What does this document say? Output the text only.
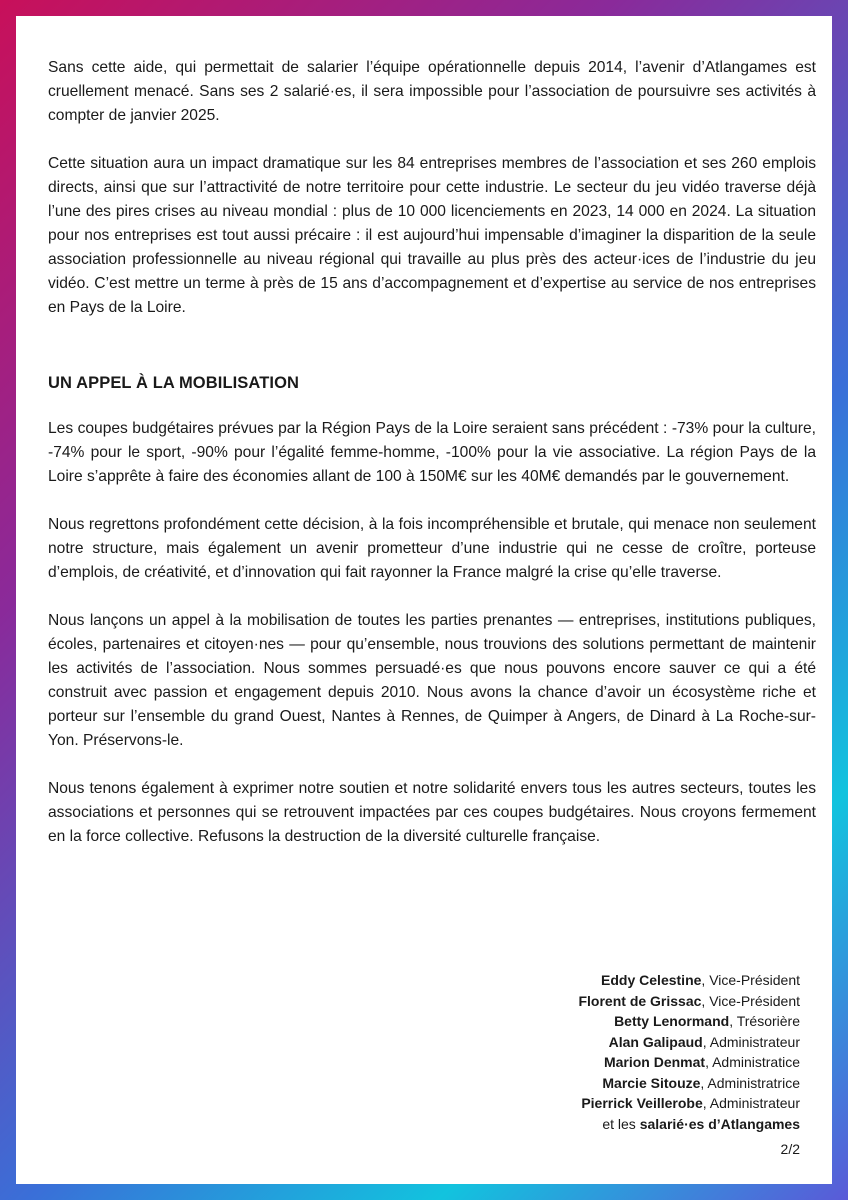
Sans cette aide, qui permettait de salarier l’équipe opérationnelle depuis 2014, l’avenir d’Atlangames est cruellement menacé. Sans ses 2 salarié·es, il sera impossible pour l’association de poursuivre ses activités à compter de janvier 2025.

Cette situation aura un impact dramatique sur les 84 entreprises membres de l’association et ses 260 emplois directs, ainsi que sur l’attractivité de notre territoire pour cette industrie. Le secteur du jeu vidéo traverse déjà l’une des pires crises au niveau mondial : plus de 10 000 licenciements en 2023, 14 000 en 2024. La situation pour nos entreprises est tout aussi précaire : il est aujourd’hui impensable d’imaginer la disparition de la seule association professionnelle au niveau régional qui travaille au plus près des acteur·ices de l’industrie du jeu vidéo. C’est mettre un terme à près de 15 ans d’accompagnement et d’expertise au service de nos entreprises en Pays de la Loire.

UN APPEL À LA MOBILISATION

Les coupes budgétaires prévues par la Région Pays de la Loire seraient sans précédent : -73% pour la culture, -74% pour le sport, -90% pour l’égalité femme-homme, -100% pour la vie associative. La région Pays de la Loire s’apprête à faire des économies allant de 100 à 150M€ sur les 40M€ demandés par le gouvernement.

Nous regrettons profondément cette décision, à la fois incompréhensible et brutale, qui menace non seulement notre structure, mais également un avenir prometteur d’une industrie qui ne cesse de croître, porteuse d’emplois, de créativité, et d’innovation qui fait rayonner la France malgré la crise qu’elle traverse.

Nous lançons un appel à la mobilisation de toutes les parties prenantes — entreprises, institutions publiques, écoles, partenaires et citoyen·nes — pour qu’ensemble, nous trouvions des solutions permettant de maintenir les activités de l’association. Nous sommes persuadé·es que nous pouvons encore sauver ce qui a été construit avec passion et engagement depuis 2010. Nous avons la chance d’avoir un écosystème riche et porteur sur l’ensemble du grand Ouest, Nantes à Rennes, de Quimper à Angers, de Dinard à La Roche-sur-Yon. Préservons-le.

Nous tenons également à exprimer notre soutien et notre solidarité envers tous les autres secteurs, toutes les associations et personnes qui se retrouvent impactées par ces coupes budgétaires. Nous croyons fermement en la force collective. Refusons la destruction de la diversité culturelle française.

Eddy Celestine, Vice-Président
Florent de Grissac, Vice-Président
Betty Lenormand, Trésorière
Alan Galipaud, Administrateur
Marion Denmat, Administratice
Marcie Sitouze, Administratrice
Pierrick Veillerobe, Administrateur
et les salarié·es d’Atlangames
2/2
